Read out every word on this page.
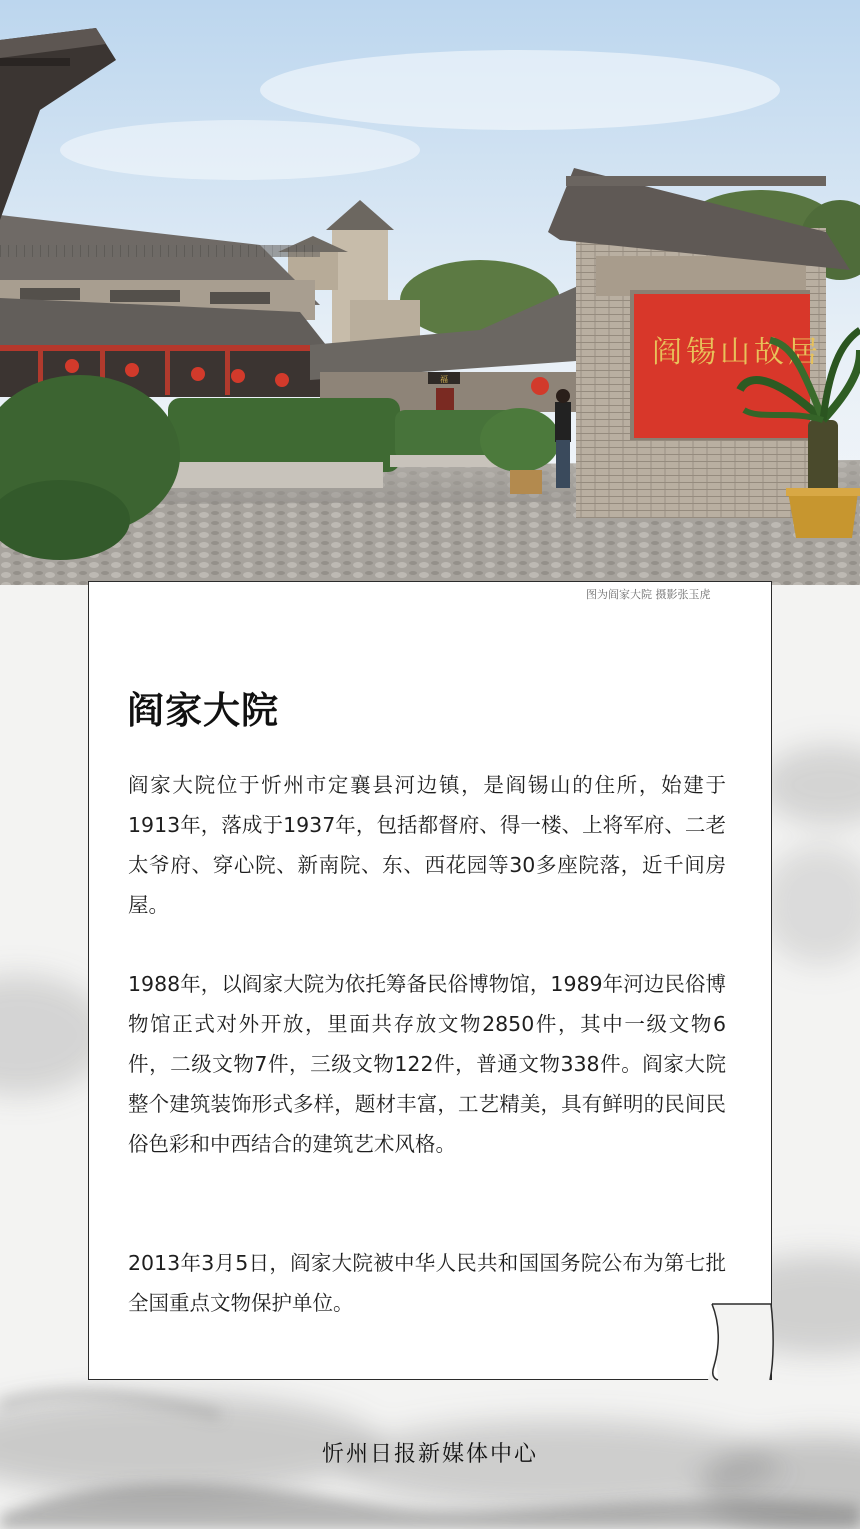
福
阎锡山故居
图为阎家大院 摄影张玉虎
阎家大院

阎家大院位于忻州市定襄县河边镇，是阎锡山的住所，始建于1913年，落成于1937年，包括都督府、得一楼、上将军府、二老太爷府、穿心院、新南院、东、西花园等30多座院落，近千间房屋。

1988年，以阎家大院为依托筹备民俗博物馆，1989年河边民俗博物馆正式对外开放，里面共存放文物2850件，其中一级文物6件，二级文物7件，三级文物122件，普通文物338件。阎家大院整个建筑装饰形式多样，题材丰富，工艺精美，具有鲜明的民间民俗色彩和中西结合的建筑艺术风格。

2013年3月5日，阎家大院被中华人民共和国国务院公布为第七批全国重点文物保护单位。

忻州日报新媒体中心
